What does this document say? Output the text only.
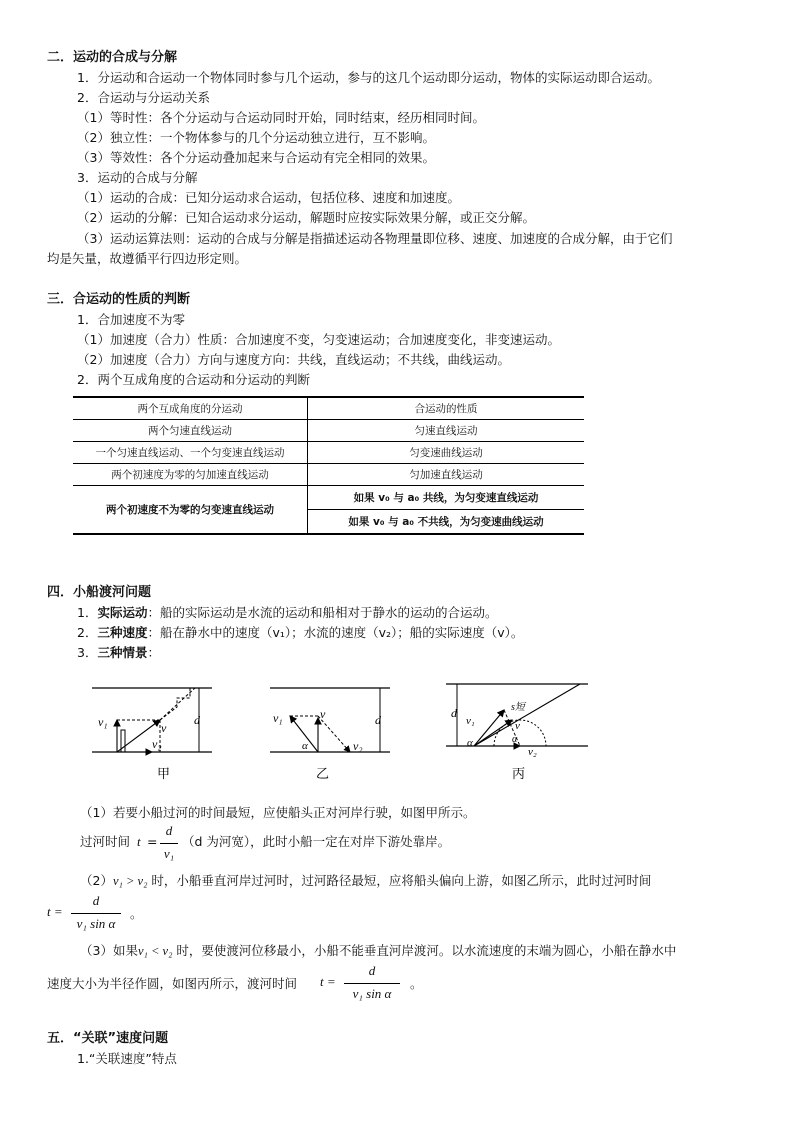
二．运动的合成与分解
1．分运动和合运动一个物体同时参与几个运动，参与的这几个运动即分运动，物体的实际运动即合运动。
2．合运动与分运动关系
（1）等时性：各个分运动与合运动同时开始，同时结束，经历相同时间。
（2）独立性：一个物体参与的几个分运动独立进行，互不影响。
（3）等效性：各个分运动叠加起来与合运动有完全相同的效果。
3．运动的合成与分解
（1）运动的合成：已知分运动求合运动，包括位移、速度和加速度。
（2）运动的分解：已知合运动求分运动，解题时应按实际效果分解，或正交分解。
（3）运动运算法则：运动的合成与分解是指描述运动各物理量即位移、速度、加速度的合成分解，由于它们
均是矢量，故遵循平行四边形定则。
三．合运动的性质的判断
1．合加速度不为零
（1）加速度（合力）性质：合加速度不变，匀变速运动；合加速度变化，非变速运动。
（2）加速度（合力）方向与速度方向：共线，直线运动；不共线，曲线运动。
2．两个互成角度的合运动和分运动的判断
两个互成角度的分运动	合运动的性质
两个匀速直线运动	匀速直线运动
一个匀速直线运动、一个匀变速直线运动	匀变速曲线运动
两个初速度为零的匀加速直线运动	匀加速直线运动
两个初速度不为零的匀变速直线运动	如果 v₀ 与 a₀ 共线，为匀变速直线运动
	如果 v₀ 与 a₀ 不共线，为匀变速曲线运动
四．小船渡河问题
1．实际运动：船的实际运动是水流的运动和船相对于静水的运动的合运动。
2．三种速度：船在静水中的速度（v₁）；水流的速度（v₂）；船的实际速度（v）。
3．三种情景：
d
v₁	v
v₂
甲
d
v₁	v
v₂
α
乙
d
v₁
s短
v
v₂
α	α
丙
（1）若要小船过河的时间最短，应使船头正对河岸行驶，如图甲所示。
过河时间 t =
d
v₁
（d 为河宽），此时小船一定在对岸下游处靠岸。
（2）v₁ > v₂ 时，小船垂直河岸过河时，过河路径最短，应将船头偏向上游，如图乙所示，此时过河时间
t =
d
v₁ sin α
。
（3）如果v₁ < v₂ 时，要使渡河位移最小，小船不能垂直河岸渡河。以水流速度的末端为圆心，小船在静水中
速度大小为半径作圆，如图丙所示，渡河时间 t =
d
v₁ sin α
。
五．“关联”速度问题
1.“关联速度”特点
